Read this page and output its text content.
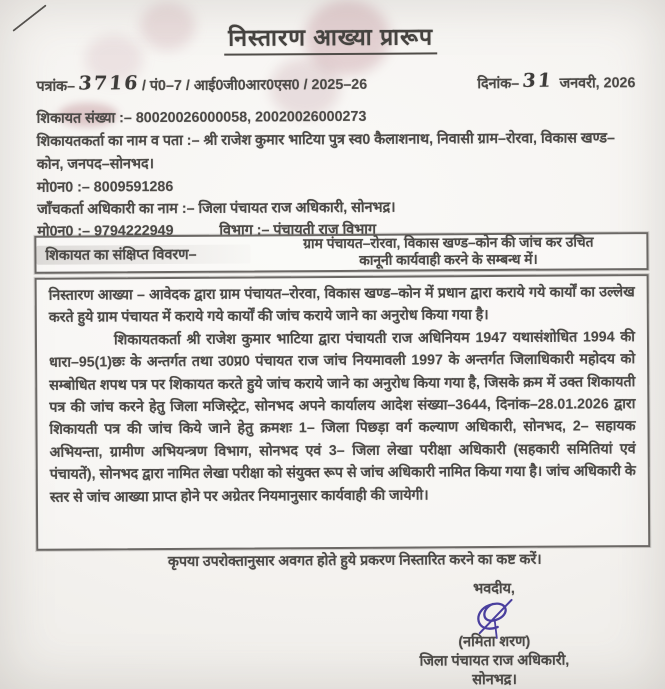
निस्तारण आख्या प्रारूप
पत्रांक– 3716 / पं0–7 / आई0जी0आर0एस0 / 2025–26	दिनांक– 31 जनवरी, 2026
शिकायत संख्या :– 80020026000058, 20020026000273
शिकायतकर्ता का नाम व पता :– श्री राजेश कुमार भाटिया पुत्र स्व0 कैलाशनाथ, निवासी ग्राम–रोरवा, विकास खण्ड–कोन, जनपद–सोनभद।
मो0न0 :– 8009591286
जाँचकर्ता अधिकारी का नाम :– जिला पंचायत राज अधिकारी, सोनभद्र।
मो0न0 :– 9794222949	विभाग :– पंचायती राज विभाग
शिकायत का संक्षिप्त विवरण–
ग्राम पंचायत–रोरवा, विकास खण्ड–कोन की जांच कर उचित
कानूनी कार्यवाही करने के सम्बन्ध में।

निस्तारण आख्या – आवेदक द्वारा ग्राम पंचायत–रोरवा, विकास खण्ड–कोन में प्रधान द्वारा कराये गये कार्यों का उल्लेख करते हुये ग्राम पंचायत में कराये गये कार्यों की जांच कराये जाने का अनुरोध किया गया है।

शिकायतकर्ता श्री राजेश कुमार भाटिया द्वारा पंचायती राज अधिनियम 1947 यथासंशोधित 1994 की धारा–95(1)छः के अन्तर्गत तथा उ0प्र0 पंचायत राज जांच नियमावली 1997 के अन्तर्गत जिलाधिकारी महोदय को सम्बोधित शपथ पत्र पर शिकायत करते हुये जांच कराये जाने का अनुरोध किया गया है, जिसके क्रम में उक्त शिकायती पत्र की जांच करने हेतु जिला मजिस्ट्रेट, सोनभद अपने कार्यालय आदेश संख्या–3644, दिनांक–28.01.2026 द्वारा शिकायती पत्र की जांच किये जाने हेतु क्रमशः 1– जिला पिछड़ा वर्ग कल्याण अधिकारी, सोनभद, 2– सहायक अभियन्ता, ग्रामीण अभियन्त्रण विभाग, सोनभद एवं 3– जिला लेखा परीक्षा अधिकारी (सहकारी समितियां एवं पंचायतें), सोनभद द्वारा नामित लेखा परीक्षा को संयुक्त रूप से जांच अधिकारी नामित किया गया है। जांच अधिकारी के स्तर से जांच आख्या प्राप्त होने पर अग्रेतर नियमानुसार कार्यवाही की जायेगी।

कृपया उपरोक्तानुसार अवगत होते हुये प्रकरण निस्तारित करने का कष्ट करें।
भवदीय,
(नमिता शरण)
जिला पंचायत राज अधिकारी,
सोनभद्र।
